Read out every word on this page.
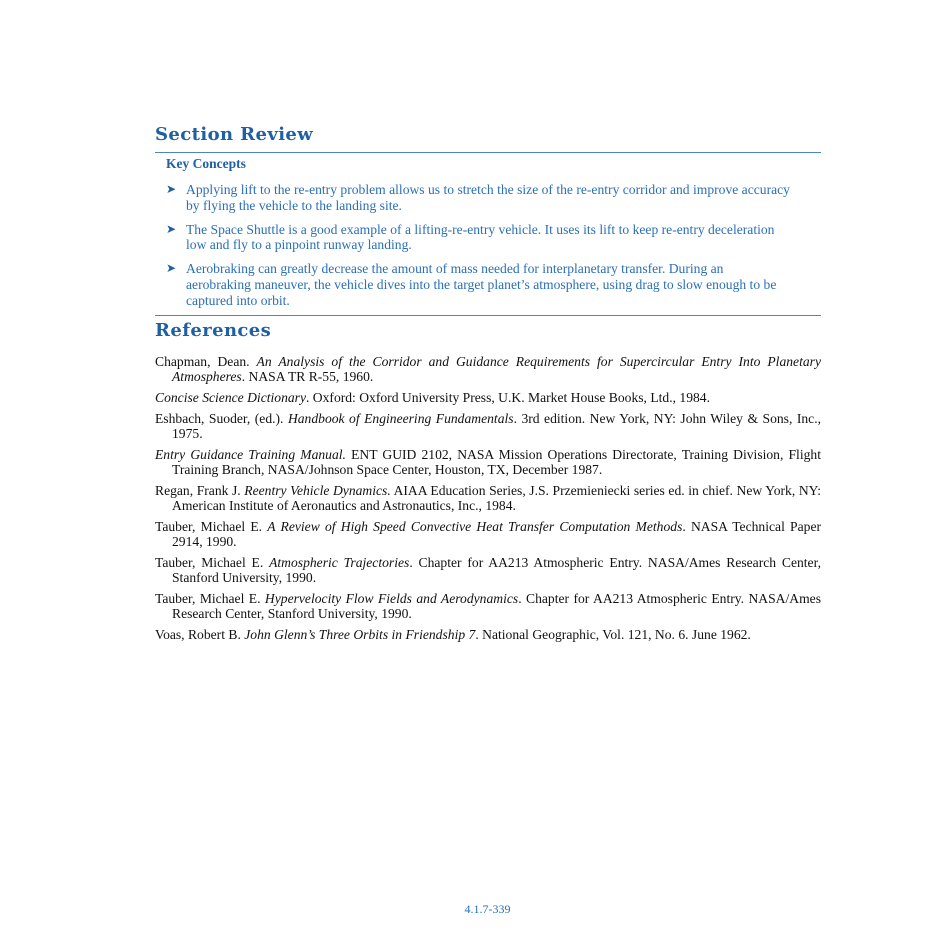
Section Review
Key Concepts
➤ Applying lift to the re-entry problem allows us to stretch the size of the re-entry corridor and improve accuracy by flying the vehicle to the landing site.
➤ The Space Shuttle is a good example of a lifting-re-entry vehicle. It uses its lift to keep re-entry deceleration low and fly to a pinpoint runway landing.
➤ Aerobraking can greatly decrease the amount of mass needed for interplanetary transfer. During an aerobraking maneuver, the vehicle dives into the target planet’s atmosphere, using drag to slow enough to be captured into orbit.
References
Chapman, Dean. An Analysis of the Corridor and Guidance Requirements for Supercircular Entry Into Planetary Atmospheres. NASA TR R-55, 1960.
Concise Science Dictionary. Oxford: Oxford University Press, U.K. Market House Books, Ltd., 1984.
Eshbach, Suoder, (ed.). Handbook of Engineering Fundamentals. 3rd edition. New York, NY: John Wiley & Sons, Inc., 1975.
Entry Guidance Training Manual. ENT GUID 2102, NASA Mission Operations Directorate, Training Division, Flight Training Branch, NASA/Johnson Space Center, Houston, TX, December 1987.
Regan, Frank J. Reentry Vehicle Dynamics. AIAA Education Series, J.S. Przemieniecki series ed. in chief. New York, NY: American Institute of Aeronautics and Astronautics, Inc., 1984.
Tauber, Michael E. A Review of High Speed Convective Heat Transfer Computation Methods. NASA Technical Paper 2914, 1990.
Tauber, Michael E. Atmospheric Trajectories. Chapter for AA213 Atmospheric Entry. NASA/Ames Research Center, Stanford University, 1990.
Tauber, Michael E. Hypervelocity Flow Fields and Aerodynamics. Chapter for AA213 Atmospheric Entry. NASA/Ames Research Center, Stanford University, 1990.
Voas, Robert B. John Glenn’s Three Orbits in Friendship 7. National Geographic, Vol. 121, No. 6. June 1962.
4.1.7-339
